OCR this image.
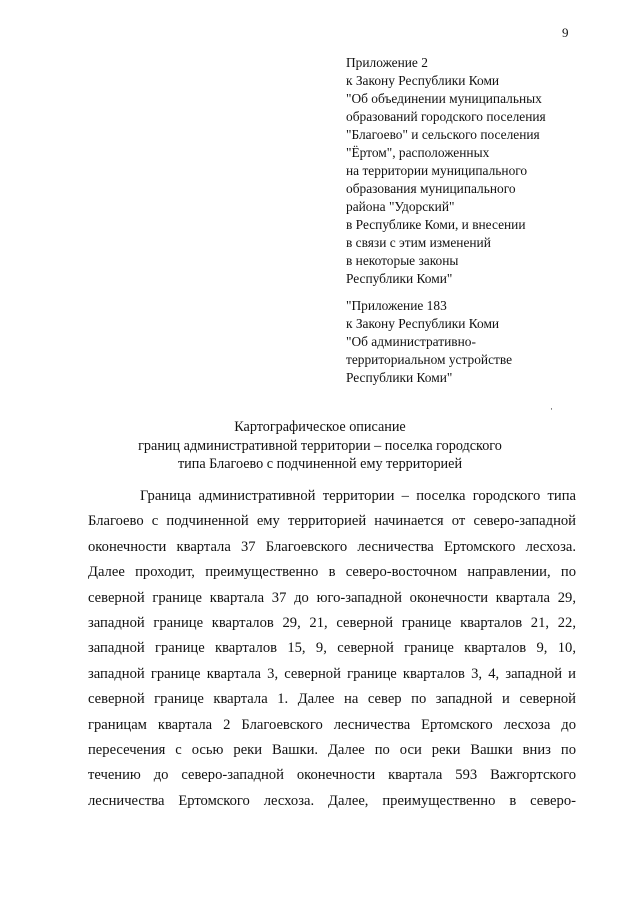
9
Приложение 2
к Закону Республики Коми
"Об объединении муниципальных
образований городского поселения
"Благоево" и сельского поселения
"Ёртом", расположенных
на территории муниципального
образования муниципального
района "Удорский"
в Республике Коми, и внесении
в связи с этим изменений
в некоторые законы
Республики Коми"
"Приложение 183
к Закону Республики Коми
"Об административно-
территориальном устройстве
Республики Коми"
·
Картографическое описание
границ административной территории – поселка городского
типа Благоево с подчиненной ему территорией
Граница административной территории – поселка городского типа
Благоево с подчиненной ему территорией начинается от северо-западной
оконечности квартала 37 Благоевского лесничества Ертомского лесхоза.
Далее проходит, преимущественно в северо-восточном направлении, по
северной границе квартала 37 до юго-западной оконечности квартала 29,
западной границе кварталов 29, 21, северной границе кварталов 21, 22,
западной границе кварталов 15, 9, северной границе кварталов 9, 10,
западной границе квартала 3, северной границе кварталов 3, 4, западной и
северной границе квартала 1. Далее на север по западной и северной
границам квартала 2 Благоевского лесничества Ертомского лесхоза до
пересечения с осью реки Вашки. Далее по оси реки Вашки вниз по
течению до северо-западной оконечности квартала 593 Важгортского
лесничества Ертомского лесхоза. Далее, преимущественно в северо-
